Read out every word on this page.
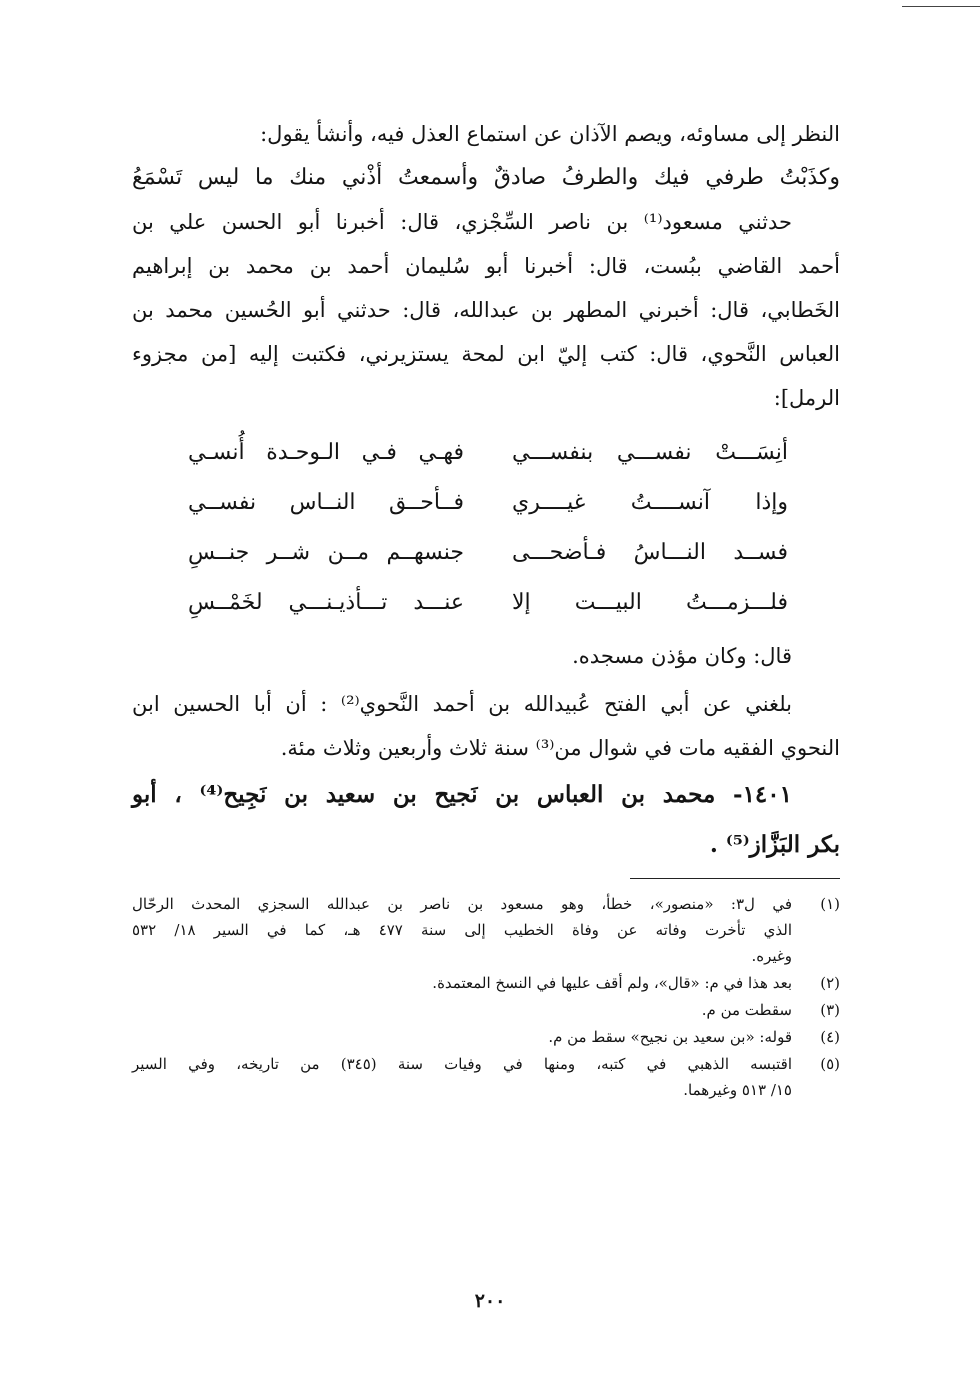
النظر إلى مساوئه، ويصم الآذان عن استماع العذل فيه، وأنشأ يقول:
وكذَبْتُ طرفي فيك والطرفُ صادقٌ وأسمعتُ أذْني منك ما ليس تَسْمَعُ
حدثني مسعود⁽¹⁾ بن ناصر السِّجْزي، قال: أخبرنا أبو الحسن علي بن
أحمد القاضي ببُست، قال: أخبرنا أبو سُليمان أحمد بن محمد بن إبراهيم
الخَطابي، قال: أخبرني المطهر بن عبدالله، قال: حدثني أبو الحُسين محمد بن
العباس النَّحوي، قال: كتب إليّ ابن لمحة يستزيرني، فكتبت إليه [من مجزوء
الرمل]:
أنِسَـــتْ نفســـي بنفســـي
فهـي فـي الـوحـدة أُنسـي
وإذا آنســــتُ غيــــري
فــأحــق النــاس نفســي
فســد النـــاسُ فـأضحـــى
جنسهــم مــن شــر جنــسِ
فلـــزمـــتُ البيـــت إلا
عنـــد تـــأذيـنـــي لخَمْــسِ
قال: وكان مؤذن مسجده.
بلغني عن أبي الفتح عُبيدالله بن أحمد النَّحوي⁽²⁾ : أن أبا الحسين ابن
النحوي الفقيه مات في شوال من⁽³⁾ سنة ثلاث وأربعين وثلاث مئة.
١٤٠١- محمد بن العباس بن نَجيح بن سعيد بن نَجِيح⁽⁴⁾ ، أبو
بكر البَزَّاز⁽⁵⁾ .
(١)
في ل٣: «منصور»، خطأ، وهو مسعود بن ناصر بن عبدالله السجزي المحدث الرحّال
الذي تأخرت وفاته عن وفاة الخطيب إلى سنة ٤٧٧ هـ، كما في السير ١٨/ ٥٣٢
وغيره.
(٢)
بعد هذا في م: «قال»، ولم أقف عليها في النسخ المعتمدة.
(٣)
سقطت من م.
(٤)
قوله: «بن سعيد بن نجيح» سقط من م.
(٥)
اقتبسه الذهبي في كتبه، ومنها في وفيات سنة (٣٤٥) من تاريخه، وفي السير
١٥/ ٥١٣ وغيرهما.
٢٠٠
